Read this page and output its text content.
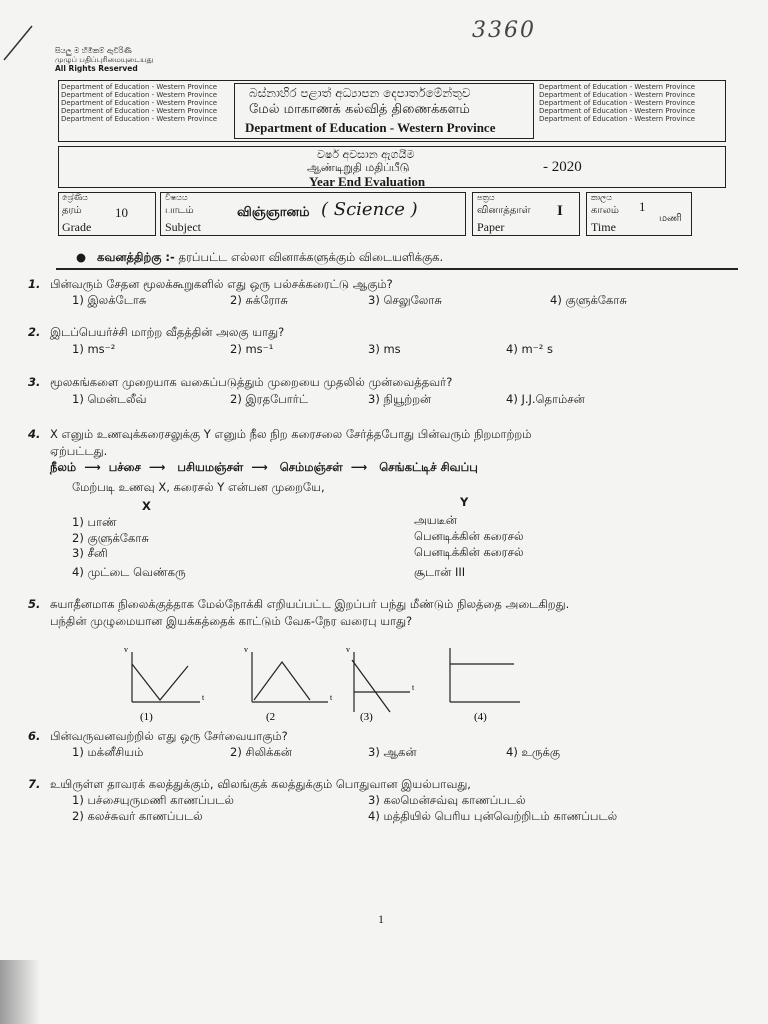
3360
සියලු ම හිමිකම් ඇවිරිණි
முழுப் பதிப்புரிமையுடையது
All Rights Reserved
Department of Education - Western Province Department of Education - Western Province Department of Education - Western Province Department of Education - Western Province Department of Education - Western Province
බස්නාහිර පළාත් අධ්‍යාපන දෙපාර්තමේන්තුව
மேல் மாகாணக் கல்வித் திணைக்களம்
Department of Education - Western Province
Department of Education - Western Province Department of Education - Western Province Department of Education - Western Province Department of Education - Western Province Department of Education - Western Province
වර්ෂ අවසාන ඇගයීම
ஆண்டிறுதி மதிப்பீடு	- 2020
Year End Evaluation
ශ්‍රේණිය
தரம்
Grade
10
විෂයය
பாடம்
Subject
விஞ்ஞானம் ( Science )
පත්‍රය
வினாத்தாள்
Paper
I
කාලය
காலம்
Time
1
மணி
●   கவனத்திற்கு :- தரப்பட்ட எல்லா வினாக்களுக்கும் விடையளிக்குக.
1. பின்வரும் சேதன மூலக்கூறுகளில் எது ஒரு பல்சக்கரைட்டு ஆகும்?
1) இலக்டோசு	2) சுக்ரோசு	3) செலுலோசு	4) குளுக்கோசு
2. இடப்பெயர்ச்சி மாற்ற வீதத்தின் அலகு யாது?
1) ms⁻²	2) ms⁻¹	3) ms	4) m⁻² s
3. மூலகங்களை முறையாக வகைப்படுத்தும் முறையை முதலில் முன்வைத்தவர்?
1) மென்டலீவ்	2) இரதபோர்ட்	3) நியூற்றன்	4) J.J.தொம்சன்
4. X எனும் உணவுக்கரைசலுக்கு Y எனும் நீல நிற கரைசலை சேர்த்தபோது பின்வரும் நிறமாற்றம்
ஏற்பட்டது.
நீலம்  ⟶  பச்சை  ⟶   பசியமஞ்சள்  ⟶   செம்மஞ்சள்  ⟶   செங்கட்டிச் சிவப்பு
மேற்படி உணவு X, கரைசல் Y என்பன முறையே,
X	Y
1) பாண்	அயடீன்
2) குளுக்கோசு	பெனடிக்கின் கரைசல்
3) சீனி	பெனடிக்கின் கரைசல்
4) முட்டை வெண்கரு	சூடான் III
5. சுயாதீனமாக நிலைக்குத்தாக மேல்நோக்கி எறியப்பட்ட இறப்பர் பந்து மீண்டும் நிலத்தை அடைகிறது.
பந்தின் முழுமையான இயக்கத்தைக் காட்டும் வேக-நேர வரைபு யாது?
v
t
(1)
v
t
(2
v
t
(3)	(4)
6. பின்வருவனவற்றில் எது ஒரு சேர்வையாகும்?
1) மக்னீசியம்	2) சிலிக்கன்	3) ஆகன்	4) உருக்கு
7. உயிருள்ள தாவரக் கலத்துக்கும், விலங்குக் கலத்துக்கும் பொதுவான இயல்பாவது,
1) பச்சையுருமணி காணப்படல்	3) கலமென்சவ்வு காணப்படல்
2) கலச்சுவர் காணப்படல்	4) மத்தியில் பெரிய புன்வெற்றிடம் காணப்படல்
1
